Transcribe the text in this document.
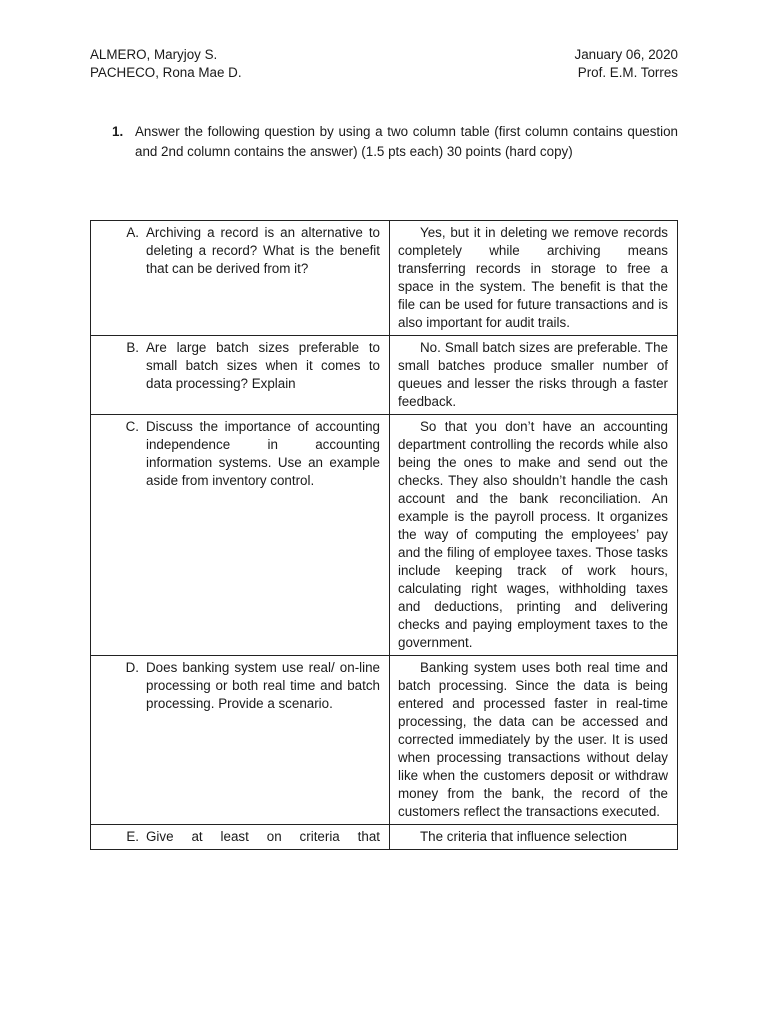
ALMERO, Maryjoy S.
PACHECO, Rona Mae D.
January 06, 2020
Prof. E.M. Torres
1. Answer the following question by using a two column table (first column contains question and 2nd column contains the answer) (1.5 pts each) 30 points (hard copy)
A. Archiving a record is an alternative to deleting a record? What is the benefit that can be derived from it?	Yes, but it in deleting we remove records completely while archiving means transferring records in storage to free a space in the system. The benefit is that the file can be used for future transactions and is also important for audit trails.

B. Are large batch sizes preferable to small batch sizes when it comes to data processing? Explain	No. Small batch sizes are preferable. The small batches produce smaller number of queues and lesser the risks through a faster feedback.

C. Discuss the importance of accounting independence in accounting information systems. Use an example aside from inventory control.	So that you don’t have an accounting department controlling the records while also being the ones to make and send out the checks. They also shouldn’t handle the cash account and the bank reconciliation. An example is the payroll process. It organizes the way of computing the employees’ pay and the filing of employee taxes. Those tasks include keeping track of work hours, calculating right wages, withholding taxes and deductions, printing and delivering checks and paying employment taxes to the government.

D. Does banking system use real/ on-line processing or both real time and batch processing. Provide a scenario.	Banking system uses both real time and batch processing. Since the data is being entered and processed faster in real-time processing, the data can be accessed and corrected immediately by the user. It is used when processing transactions without delay like when the customers deposit or withdraw money from the bank, the record of the customers reflect the transactions executed.

E. Give at least on criteria that	The criteria that influence selection
